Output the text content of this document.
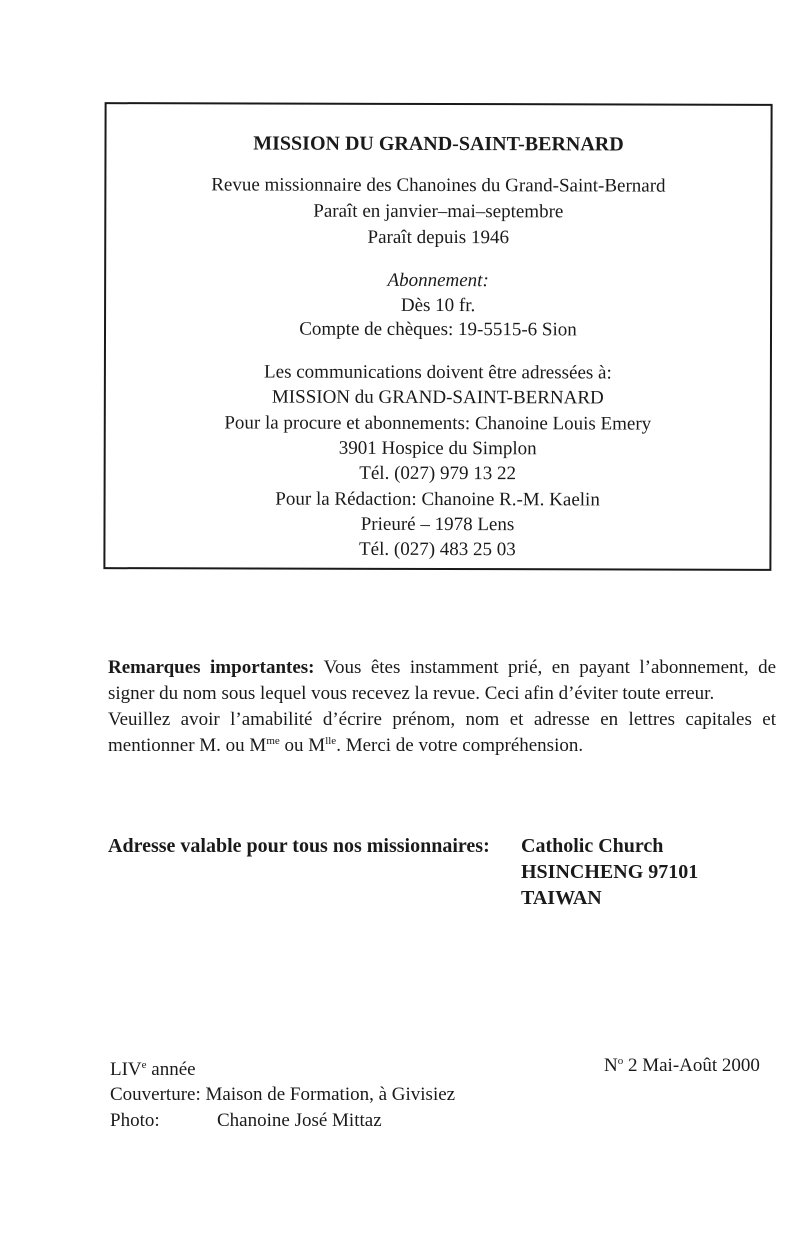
MISSION DU GRAND-SAINT-BERNARD
Revue missionnaire des Chanoines du Grand-Saint-Bernard
Paraît en janvier–mai–septembre
Paraît depuis 1946
Abonnement:
Dès 10 fr.
Compte de chèques: 19-5515-6 Sion
Les communications doivent être adressées à:
MISSION du GRAND-SAINT-BERNARD
Pour la procure et abonnements: Chanoine Louis Emery
3901 Hospice du Simplon
Tél. (027) 979 13 22
Pour la Rédaction: Chanoine R.-M. Kaelin
Prieuré – 1978 Lens
Tél. (027) 483 25 03

Remarques importantes: Vous êtes instamment prié, en payant l’abonnement, de signer du nom sous lequel vous recevez la revue. Ceci afin d’éviter toute erreur.

Veuillez avoir l’amabilité d’écrire prénom, nom et adresse en lettres capitales et mentionner M. ou $M^{me}$ ou $M^{lle}$. Merci de votre compréhension.

Adresse valable pour tous nos missionnaires: Catholic Church
HSINCHENG 97101
TAIWAN
LIVe année	$N^o$ 2 Mai-Août 2000
Couverture: Maison de Formation, à Givisiez
Photo:	Chanoine José Mittaz
